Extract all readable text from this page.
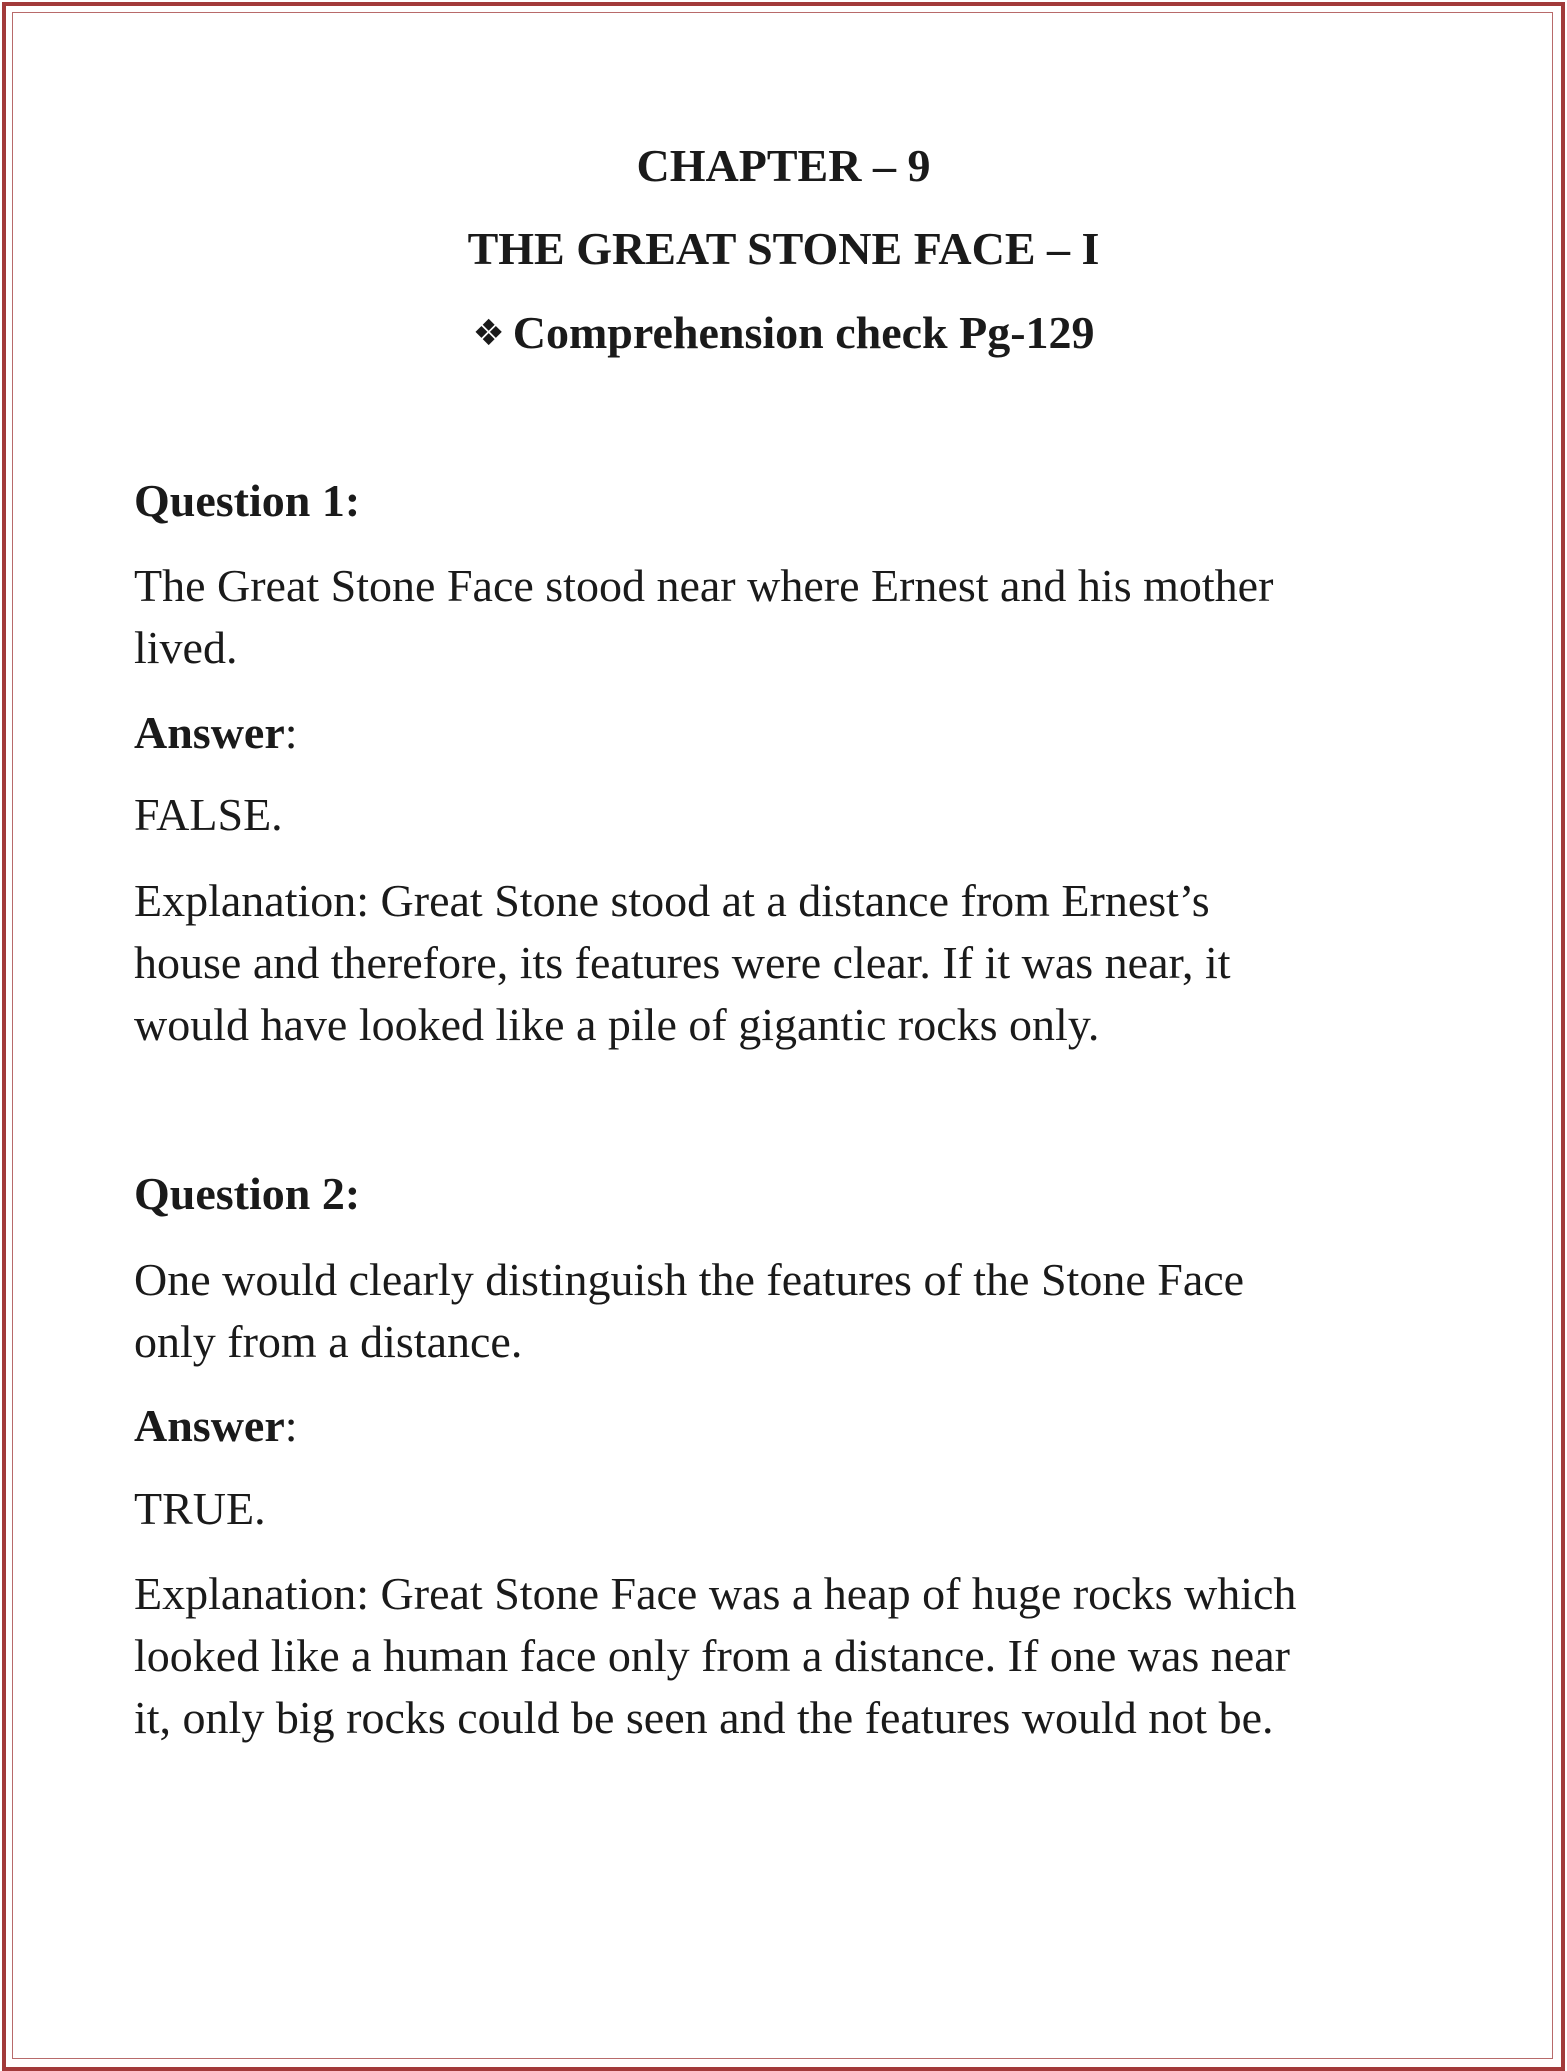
CHAPTER – 9
THE GREAT STONE FACE – I
❖ Comprehension check Pg-129
Question 1:
The Great Stone Face stood near where Ernest and his mother
lived.
Answer:
FALSE.
Explanation: Great Stone stood at a distance from Ernest’s
house and therefore, its features were clear. If it was near, it
would have looked like a pile of gigantic rocks only.
Question 2:
One would clearly distinguish the features of the Stone Face
only from a distance.
Answer:
TRUE.
Explanation: Great Stone Face was a heap of huge rocks which
looked like a human face only from a distance. If one was near
it, only big rocks could be seen and the features would not be.
